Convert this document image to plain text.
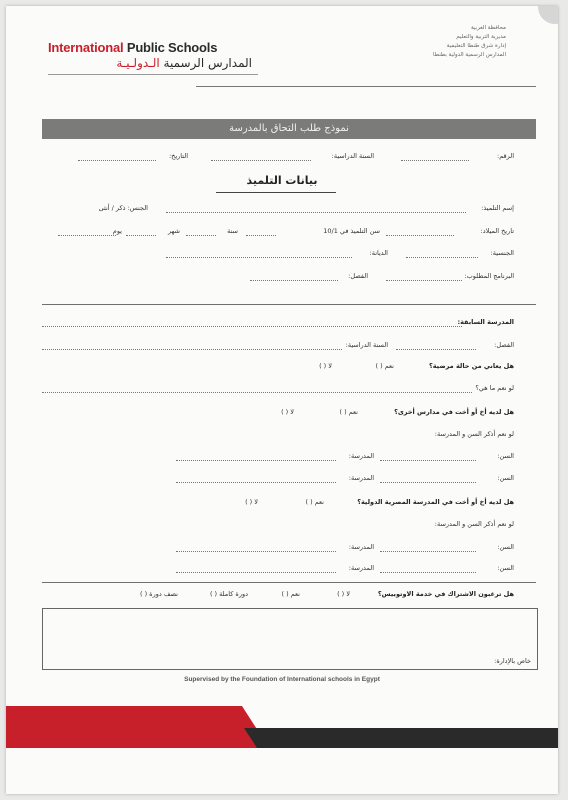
International Public Schools
المدارس الرسمية الـدولـيـة
محافظة الغربية
مديرية التربية والتعليم
إدارة شرق طنطا التعليمية
المدارس الرسمية الدولية بطنطا
نموذج طلب التحاق بالمدرسة
الرقم:
السنة الدراسية:
التاريخ:
بيانات التلميذ
إسم التلميذ:
الجنس: ذكر / أنثى
تاريخ الميلاد:
سن التلميذ في 10/1
سنة
شهر
يوم
الجنسية:
الديانة:
البرنامج المطلوب:
الفصل:
المدرسة السابقة:
الفصل:
السنة الدراسية:
هل يعاني من حالة مرضية؟
نعم ( )
لا ( )
لو نعم ما هي؟
هل لديه أخ أو أخت في مدارس أخرى؟
نعم ( )
لا ( )
لو نعم أذكر السن و المدرسة:
السن:
المدرسة:
السن:
المدرسة:
هل لديه أخ أو أخت في المدرسة المصرية الدولية؟
نعم ( )
لا ( )
لو نعم أذكر السن و المدرسة:
السن:
المدرسة:
السن:
المدرسة:
هل ترغبون الاشتراك في خدمة الاوتوبيس؟
لا ( )
نعم ( )
دورة كاملة ( )
نصف دورة ( )
خاص بالإدارة:
Supervised by the Foundation of International schools in Egypt
